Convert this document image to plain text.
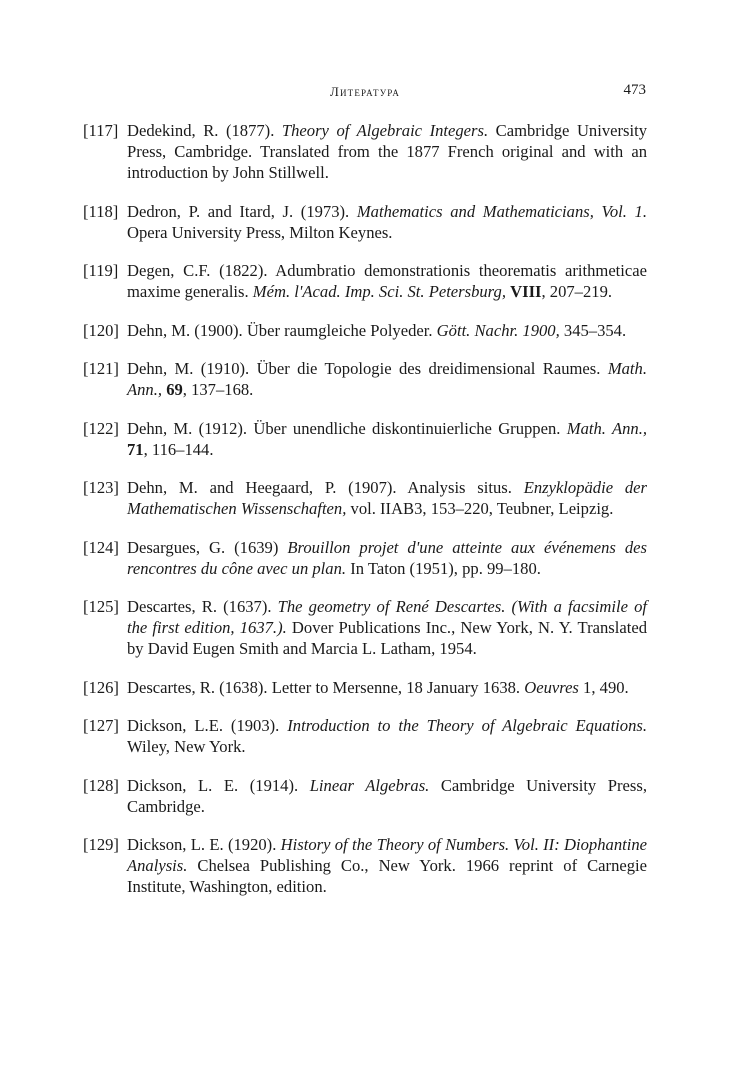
Литература	473
[117] Dedekind, R. (1877). Theory of Algebraic Integers. Cambridge University Press, Cambridge. Translated from the 1877 French original and with an introduction by John Stillwell.
[118] Dedron, P. and Itard, J. (1973). Mathematics and Mathematicians, Vol. 1. Opera University Press, Milton Keynes.
[119] Degen, C.F. (1822). Adumbratio demonstrationis theorematis arithmeticae maxime generalis. Mém. l'Acad. Imp. Sci. St. Petersburg, VIII, 207–219.
[120] Dehn, M. (1900). Über raumgleiche Polyeder. Gött. Nachr. 1900, 345–354.
[121] Dehn, M. (1910). Über die Topologie des dreidimensional Raumes. Math. Ann., 69, 137–168.
[122] Dehn, M. (1912). Über unendliche diskontinuierliche Gruppen. Math. Ann., 71, 116–144.
[123] Dehn, M. and Heegaard, P. (1907). Analysis situs. Enzyklopädie der Mathematischen Wissenschaften, vol. IIAB3, 153–220, Teubner, Leipzig.
[124] Desargues, G. (1639) Brouillon projet d'une atteinte aux événemens des rencontres du cône avec un plan. In Taton (1951), pp. 99–180.
[125] Descartes, R. (1637). The geometry of René Descartes. (With a facsimile of the first edition, 1637.). Dover Publications Inc., New York, N. Y. Translated by David Eugen Smith and Marcia L. Latham, 1954.
[126] Descartes, R. (1638). Letter to Mersenne, 18 January 1638. Oeuvres 1, 490.
[127] Dickson, L.E. (1903). Introduction to the Theory of Algebraic Equations. Wiley, New York.
[128] Dickson, L. E. (1914). Linear Algebras. Cambridge University Press, Cambridge.
[129] Dickson, L. E. (1920). History of the Theory of Numbers. Vol. II: Diophantine Analysis. Chelsea Publishing Co., New York. 1966 reprint of Carnegie Institute, Washington, edition.
